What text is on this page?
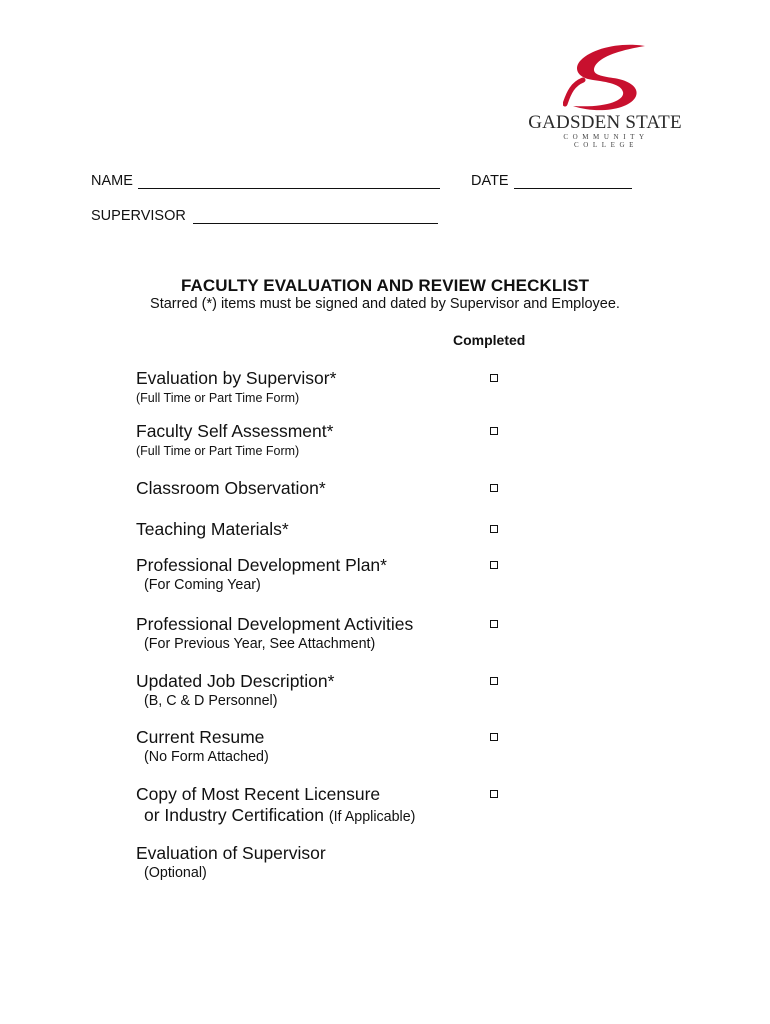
GADSDEN STATE
COMMUNITY COLLEGE
NAME	DATE
SUPERVISOR
FACULTY EVALUATION AND REVIEW CHECKLIST
Starred (*) items must be signed and dated by Supervisor and Employee.
Completed
Evaluation by Supervisor*
(Full Time or Part Time Form)
Faculty Self Assessment*
(Full Time or Part Time Form)
Classroom Observation*
Teaching Materials*
Professional Development Plan*
(For Coming Year)
Professional Development Activities
(For Previous Year, See Attachment)
Updated Job Description*
(B, C & D Personnel)
Current Resume
(No Form Attached)
Copy of Most Recent Licensure
or Industry Certification (If Applicable)
Evaluation of Supervisor
(Optional)
